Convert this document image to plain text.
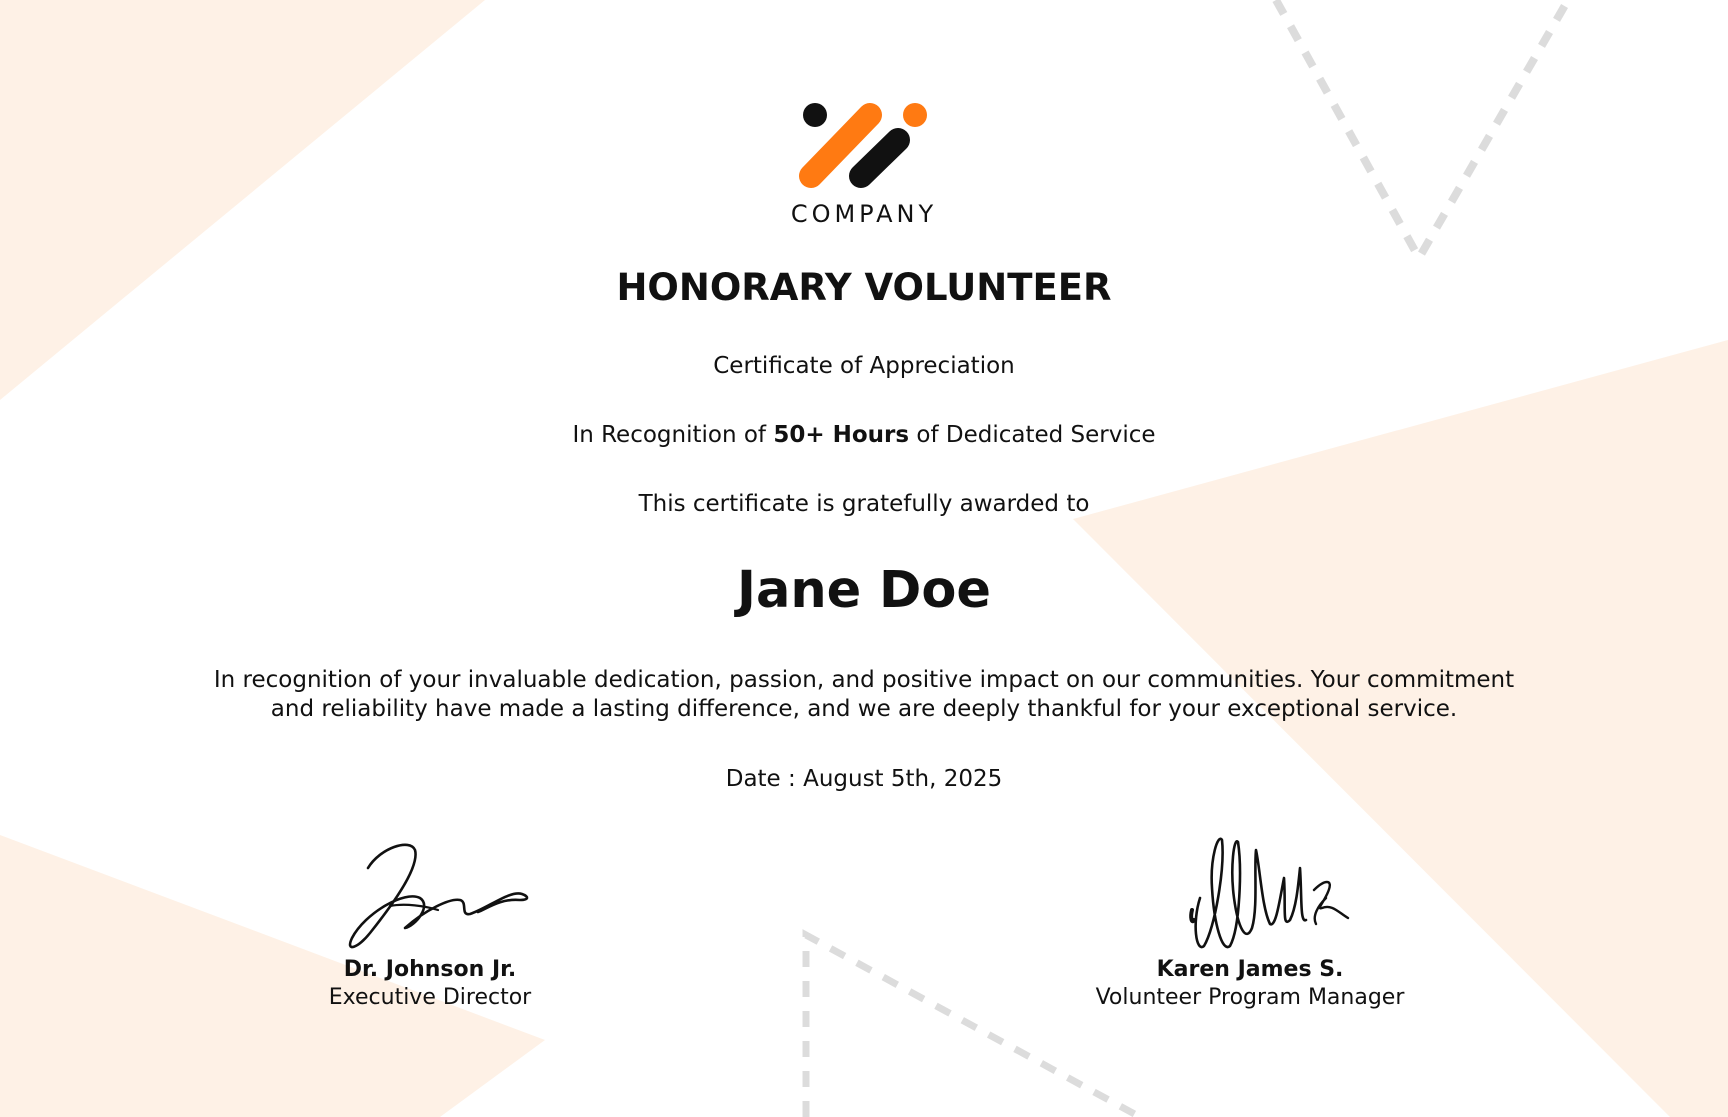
COMPANY
HONORARY VOLUNTEER
Certificate of Appreciation
In Recognition of 50+ Hours of Dedicated Service
This certificate is gratefully awarded to
Jane Doe
In recognition of your invaluable dedication, passion, and positive impact on our communities. Your commitment
and reliability have made a lasting difference, and we are deeply thankful for your exceptional service.
Date : August 5th, 2025
Dr. Johnson Jr.
Executive Director
Karen James S.
Volunteer Program Manager
